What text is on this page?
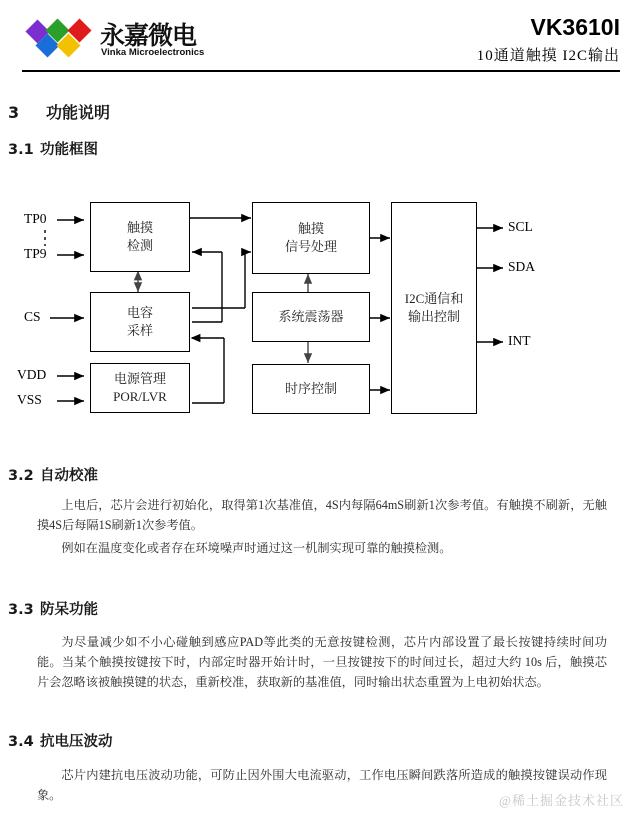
永嘉微电
Vinka Microelectronics
VK3610I
10通道触摸 I2C输出
3 功能说明
3.1 功能框图
3.2 自动校准
3.3 防呆功能
3.4 抗电压波动
触摸
检测
电容
采样
电源管理
POR/LVR
触摸
信号处理
系统震荡器
时序控制
I2C通信和
输出控制
TP0
TP9
CS
VDD
VSS
SCL
SDA
INT
上电后，芯片会进行初始化，取得第1次基准值，4S内每隔64mS刷新1次参考值。有触摸不刷新，无触摸4S后每隔1S刷新1次参考值。
例如在温度变化或者存在环境噪声时通过这一机制实现可靠的触摸检测。
为尽量减少如不小心碰触到感应PAD等此类的无意按键检测，芯片内部设置了最长按键持续时间功能。当某个触摸按键按下时，内部定时器开始计时，一旦按键按下的时间过长，超过大约 10s 后，触摸芯片会忽略该被触摸键的状态，重新校准，获取新的基准值，同时输出状态重置为上电初始状态。
芯片内建抗电压波动功能，可防止因外围大电流驱动，工作电压瞬间跌落所造成的触摸按键误动作现象。	@稀土掘金技术社区
